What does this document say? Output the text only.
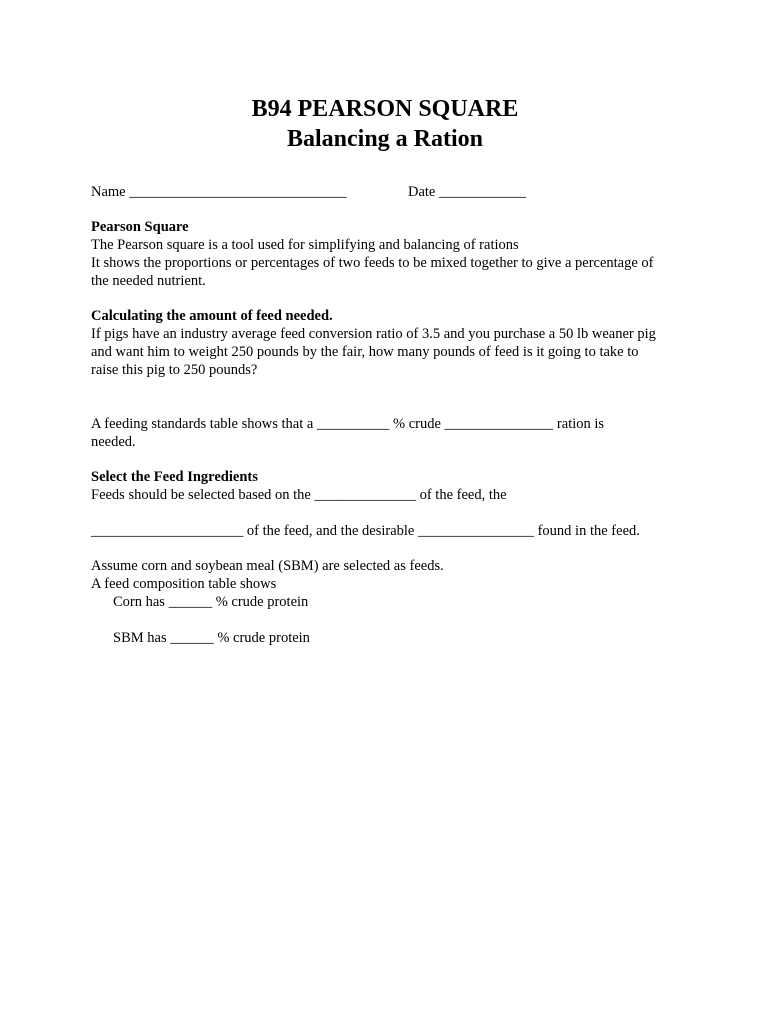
B94 PEARSON SQUARE
Balancing a Ration
Name ______________________________	Date ____________
Pearson Square
The Pearson square is a tool used for simplifying and balancing of rations
It shows the proportions or percentages of two feeds to be mixed together to give a percentage of
the needed nutrient.
Calculating the amount of feed needed.
If pigs have an industry average feed conversion ratio of 3.5 and you purchase a 50 lb weaner pig
and want him to weight 250 pounds by the fair, how many pounds of feed is it going to take to
raise this pig to 250 pounds?
A feeding standards table shows that a __________ % crude _______________ ration is
needed.
Select the Feed Ingredients
Feeds should be selected based on the ______________ of the feed, the
_____________________ of the feed, and the desirable ________________ found in the feed.
Assume corn and soybean meal (SBM) are selected as feeds.
A feed composition table shows
Corn has ______ % crude protein
SBM has ______ % crude protein
